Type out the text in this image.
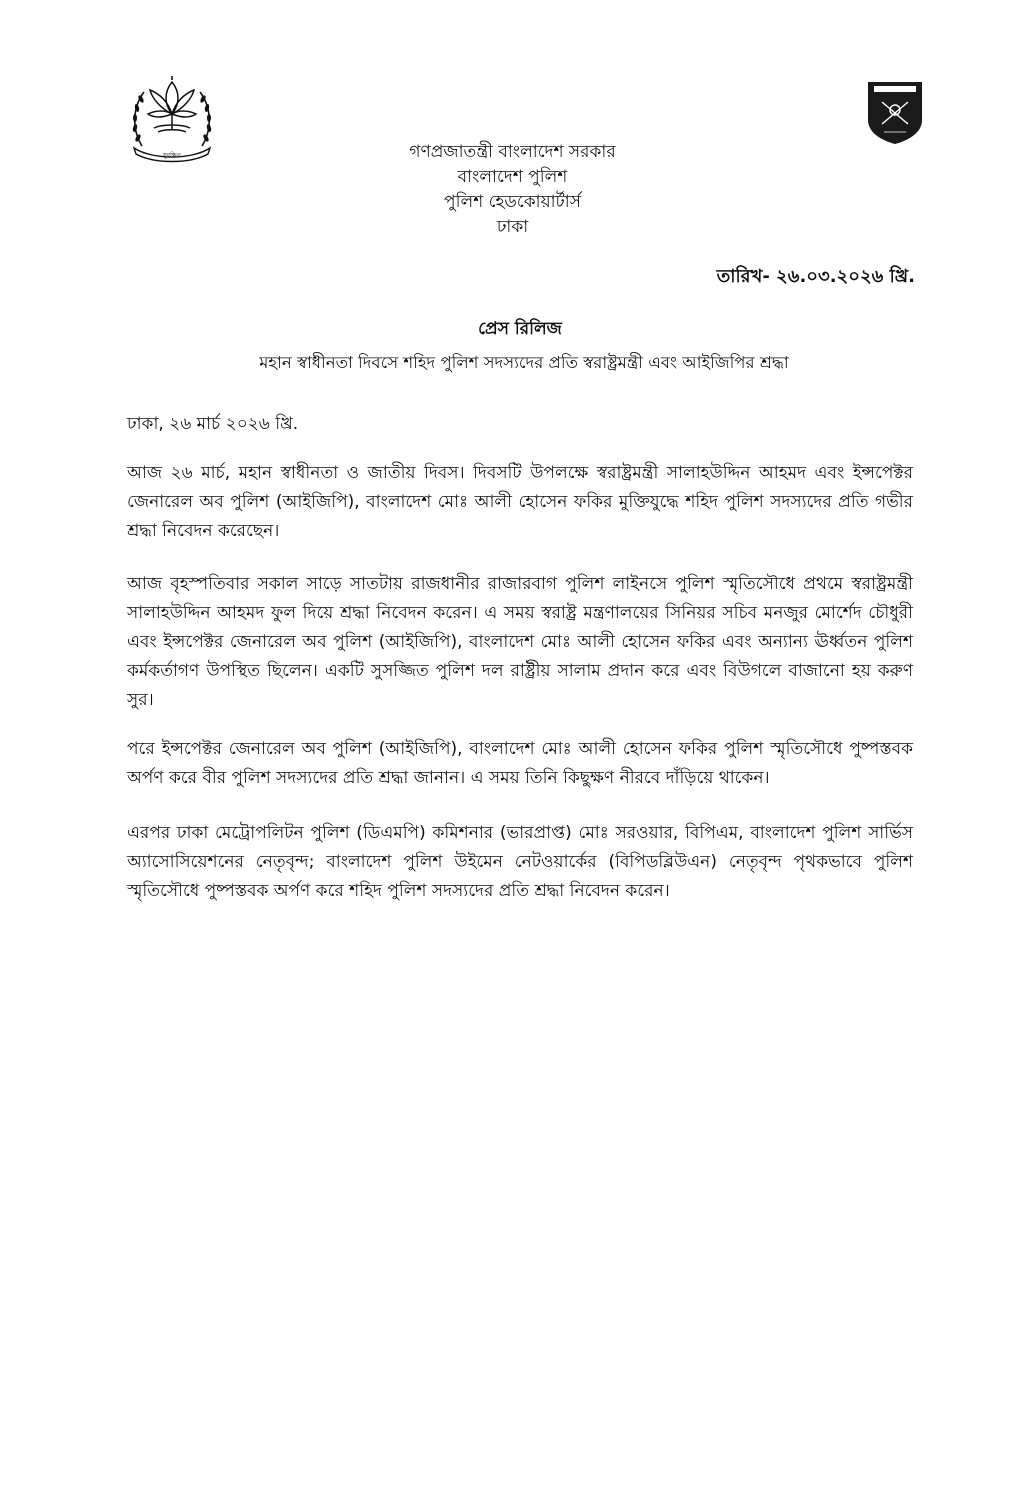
সুরক্ষিত	গণপ্রজাতন্ত্রী বাংলাদেশ সরকার
বাংলাদেশ পুলিশ
পুলিশ হেডকোয়ার্টার্স
ঢাকা
তারিখ- ২৬.০৩.২০২৬ খ্রি.
প্রেস রিলিজ
মহান স্বাধীনতা দিবসে শহিদ পুলিশ সদস্যদের প্রতি স্বরাষ্ট্রমন্ত্রী এবং আইজিপির শ্রদ্ধা
ঢাকা, ২৬ মার্চ ২০২৬ খ্রি.

আজ ২৬ মার্চ, মহান স্বাধীনতা ও জাতীয় দিবস। দিবসটি উপলক্ষে স্বরাষ্ট্রমন্ত্রী সালাহউদ্দিন আহমদ এবং ইন্সপেক্টর জেনারেল অব পুলিশ (আইজিপি), বাংলাদেশ মোঃ আলী হোসেন ফকির মুক্তিযুদ্ধে শহিদ পুলিশ সদস্যদের প্রতি গভীর শ্রদ্ধা নিবেদন করেছেন।

আজ বৃহস্পতিবার সকাল সাড়ে সাতটায় রাজধানীর রাজারবাগ পুলিশ লাইনসে পুলিশ স্মৃতিসৌধে প্রথমে স্বরাষ্ট্রমন্ত্রী সালাহউদ্দিন আহমদ ফুল দিয়ে শ্রদ্ধা নিবেদন করেন। এ সময় স্বরাষ্ট্র মন্ত্রণালয়ের সিনিয়র সচিব মনজুর মোর্শেদ চৌধুরী এবং ইন্সপেক্টর জেনারেল অব পুলিশ (আইজিপি), বাংলাদেশ মোঃ আলী হোসেন ফকির এবং অন্যান্য ঊর্ধ্বতন পুলিশ কর্মকর্তাগণ উপস্থিত ছিলেন। একটি সুসজ্জিত পুলিশ দল রাষ্ট্রীয় সালাম প্রদান করে এবং বিউগলে বাজানো হয় করুণ সুর।

পরে ইন্সপেক্টর জেনারেল অব পুলিশ (আইজিপি), বাংলাদেশ মোঃ আলী হোসেন ফকির পুলিশ স্মৃতিসৌধে পুষ্পস্তবক অর্পণ করে বীর পুলিশ সদস্যদের প্রতি শ্রদ্ধা জানান। এ সময় তিনি কিছুক্ষণ নীরবে দাঁড়িয়ে থাকেন।

এরপর ঢাকা মেট্রোপলিটন পুলিশ (ডিএমপি) কমিশনার (ভারপ্রাপ্ত) মোঃ সরওয়ার, বিপিএম, বাংলাদেশ পুলিশ সার্ভিস অ্যাসোসিয়েশনের নেতৃবৃন্দ; বাংলাদেশ পুলিশ উইমেন নেটওয়ার্কের (বিপিডব্লিউএন) নেতৃবৃন্দ পৃথকভাবে পুলিশ স্মৃতিসৌধে পুষ্পস্তবক অর্পণ করে শহিদ পুলিশ সদস্যদের প্রতি শ্রদ্ধা নিবেদন করেন।
